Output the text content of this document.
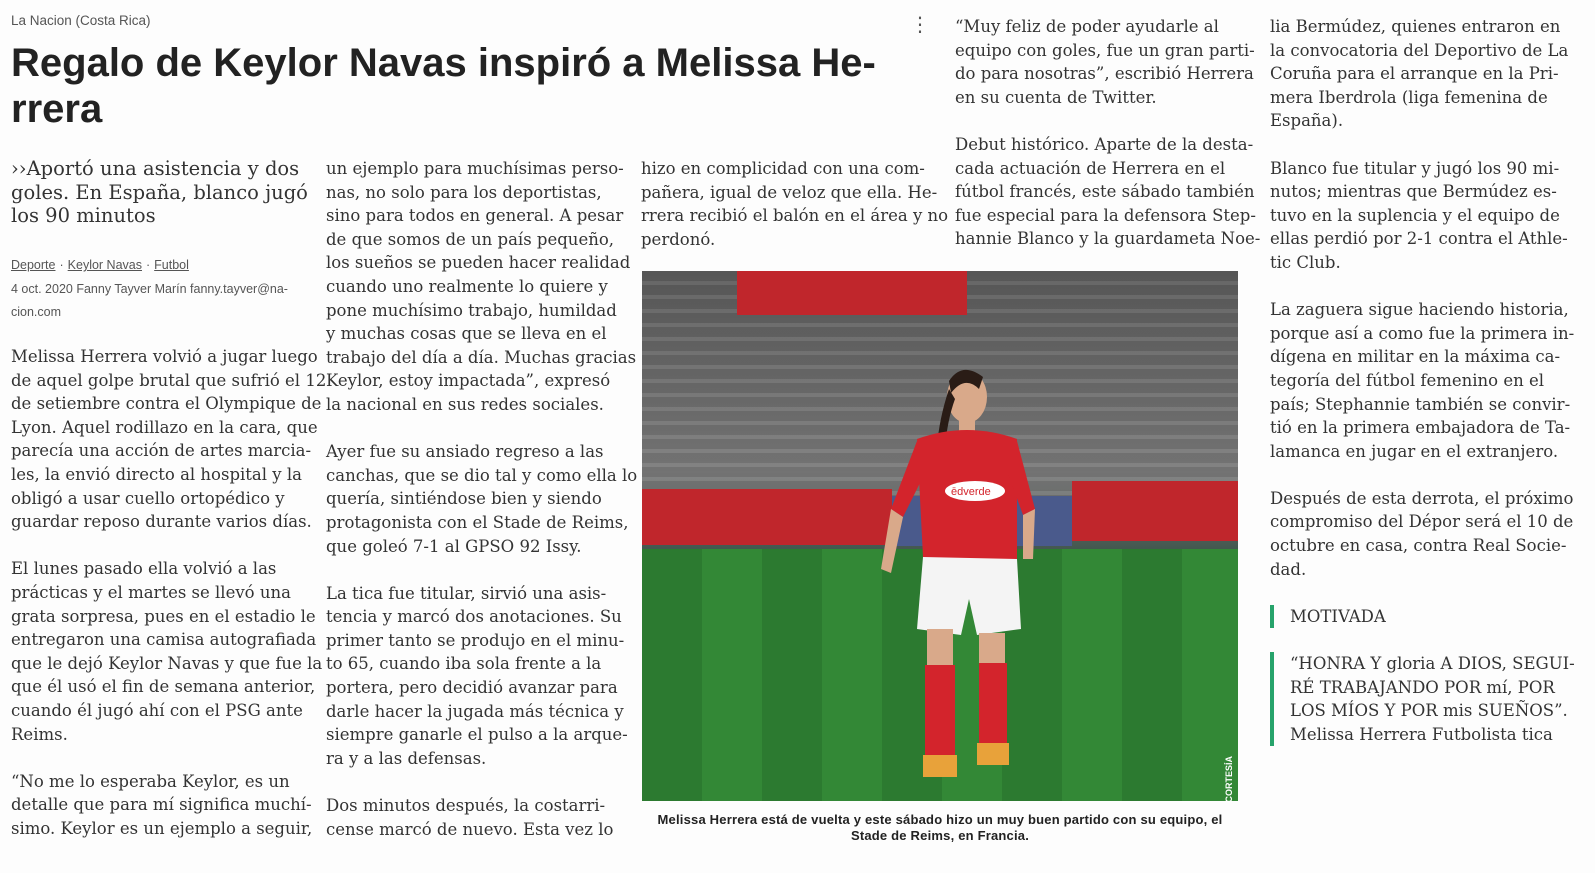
La Nacion (Costa Rica)	⋮
Regalo de Keylor Navas inspiró a Melissa He-
rrera
››Aportó una asistencia y dos
goles. En España, blanco jugó
los 90 minutos
Deporte · Keylor Navas · Futbol
4 oct. 2020 Fanny Tayver Marín fanny.tayver@na-
cion.com
Melissa Herrera volvió a jugar luego
de aquel golpe brutal que sufrió el 12
de setiembre contra el Olympique de
Lyon. Aquel rodillazo en la cara, que
parecía una acción de artes marcia-
les, la envió directo al hospital y la
obligó a usar cuello ortopédico y
guardar reposo durante varios días.
El lunes pasado ella volvió a las
prácticas y el martes se llevó una
grata sorpresa, pues en el estadio le
entregaron una camisa autografiada
que le dejó Keylor Navas y que fue la
que él usó el fin de semana anterior,
cuando él jugó ahí con el PSG ante
Reims.
“No me lo esperaba Keylor, es un
detalle que para mí significa muchí-
simo. Keylor es un ejemplo a seguir,
un ejemplo para muchísimas perso-
nas, no solo para los deportistas,
sino para todos en general. A pesar
de que somos de un país pequeño,
los sueños se pueden hacer realidad
cuando uno realmente lo quiere y
pone muchísimo trabajo, humildad
y muchas cosas que se lleva en el
trabajo del día a día. Muchas gracias
Keylor, estoy impactada”, expresó
la nacional en sus redes sociales.
Ayer fue su ansiado regreso a las
canchas, que se dio tal y como ella lo
quería, sintiéndose bien y siendo
protagonista con el Stade de Reims,
que goleó 7-1 al GPSO 92 Issy.
La tica fue titular, sirvió una asis-
tencia y marcó dos anotaciones. Su
primer tanto se produjo en el minu-
to 65, cuando iba sola frente a la
portera, pero decidió avanzar para
darle hacer la jugada más técnica y
siempre ganarle el pulso a la arque-
ra y a las defensas.
Dos minutos después, la costarri-
cense marcó de nuevo. Esta vez lo
hizo en complicidad con una com-
pañera, igual de veloz que ella. He-
rrera recibió el balón en el área y no
perdonó.
“Muy feliz de poder ayudarle al
equipo con goles, fue un gran parti-
do para nosotras”, escribió Herrera
en su cuenta de Twitter.
Debut histórico. Aparte de la desta-
cada actuación de Herrera en el
fútbol francés, este sábado también
fue especial para la defensora Step-
hannie Blanco y la guardameta Noe-
lia Bermúdez, quienes entraron en
la convocatoria del Deportivo de La
Coruña para el arranque en la Pri-
mera Iberdrola (liga femenina de
España).
Blanco fue titular y jugó los 90 mi-
nutos; mientras que Bermúdez es-
tuvo en la suplencia y el equipo de
ellas perdió por 2-1 contra el Athle-
tic Club.
La zaguera sigue haciendo historia,
porque así a como fue la primera in-
dígena en militar en la máxima ca-
tegoría del fútbol femenino en el
país; Stephannie también se convir-
tió en la primera embajadora de Ta-
lamanca en jugar en el extranjero.
Después de esta derrota, el próximo
compromiso del Dépor será el 10 de
octubre en casa, contra Real Socie-
dad.
MOTIVADA
“HONRA Y gloria A DIOS, SEGUI-
RÉ TRABAJANDO POR mí, POR
LOS MÍOS Y POR mis SUEÑOS”.
Melissa Herrera Futbolista tica
ēdverde
CORTESÍA
Melissa Herrera está de vuelta y este sábado hizo un muy buen partido con su equipo, el
Stade de Reims, en Francia.
